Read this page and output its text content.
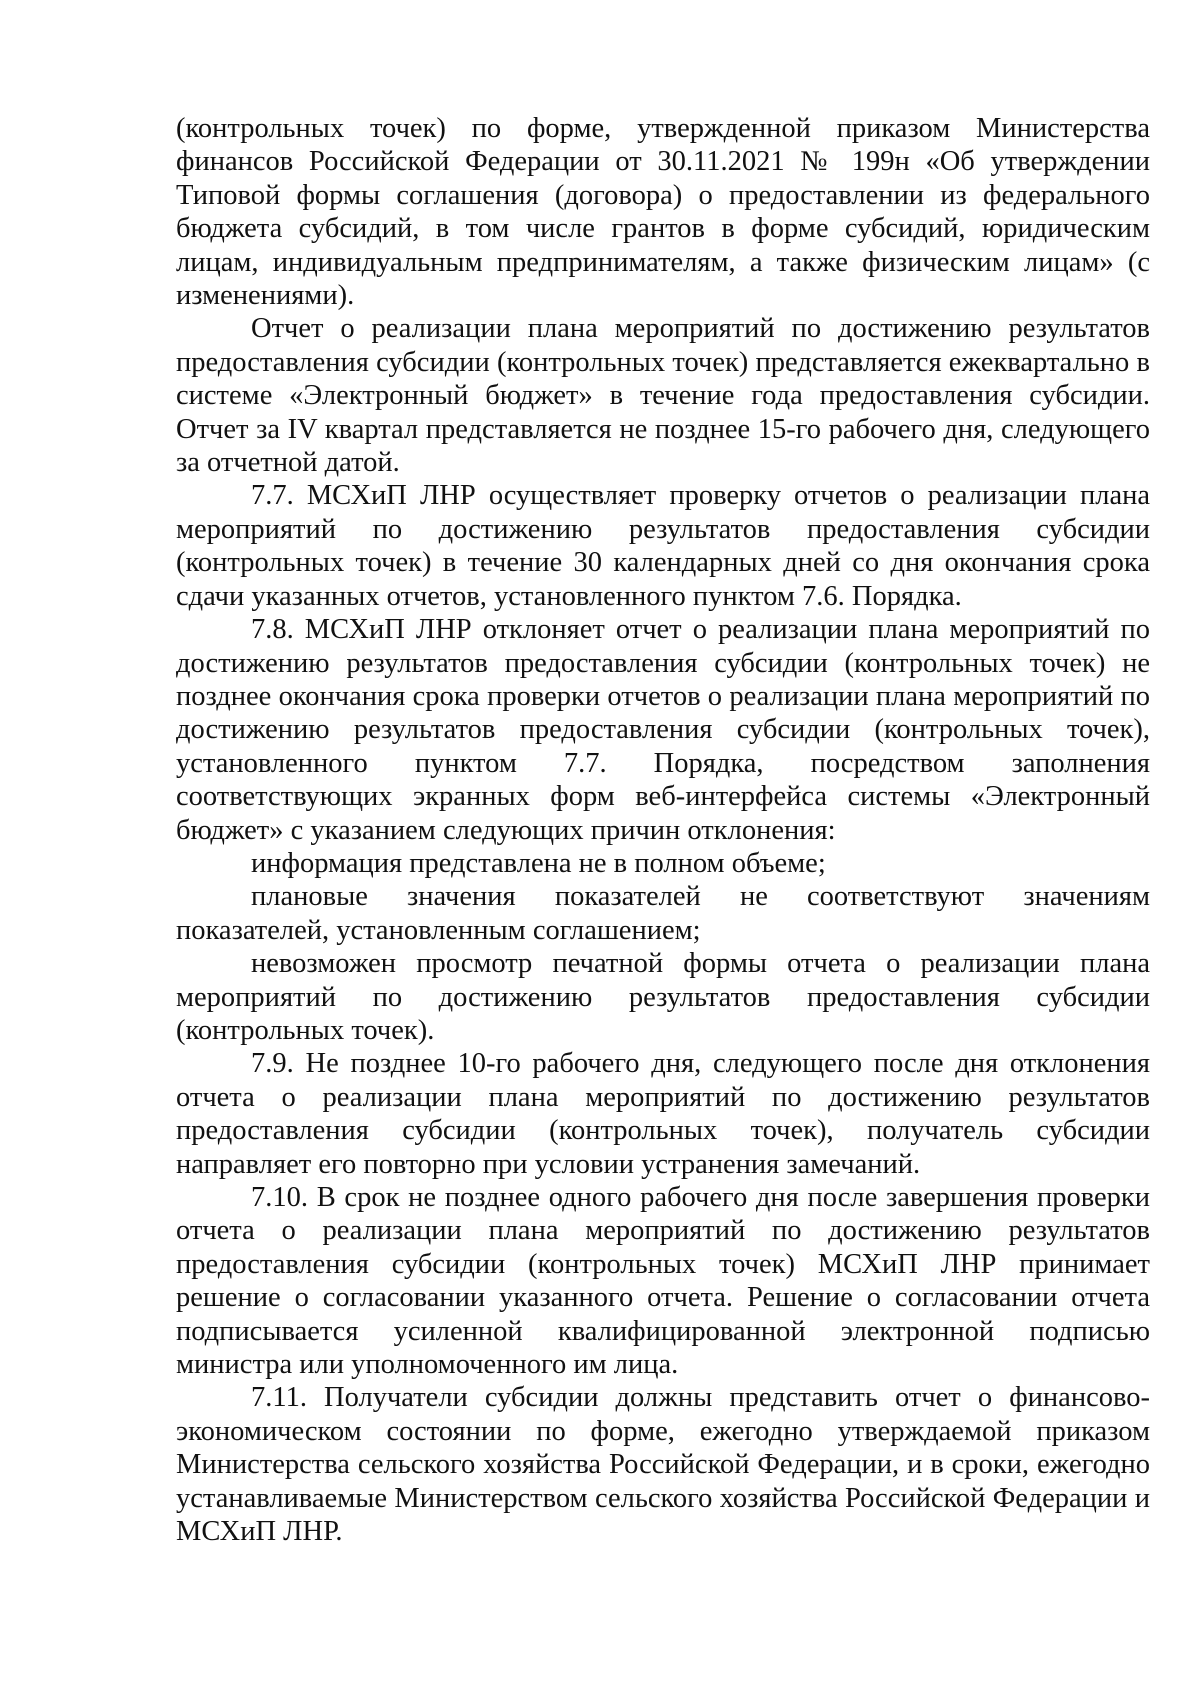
(контрольных точек) по форме, утвержденной приказом Министерства финансов Российской Федерации от 30.11.2021 № 199н «Об утверждении Типовой формы соглашения (договора) о предоставлении из федерального бюджета субсидий, в том числе грантов в форме субсидий, юридическим лицам, индивидуальным предпринимателям, а также физическим лицам» (с изменениями).

Отчет о реализации плана мероприятий по достижению результатов предоставления субсидии (контрольных точек) представляется ежеквартально в системе «Электронный бюджет» в течение года предоставления субсидии. Отчет за IV квартал представляется не позднее 15-го рабочего дня, следующего за отчетной датой.

7.7. МСХиП ЛНР осуществляет проверку отчетов о реализации плана мероприятий по достижению результатов предоставления субсидии (контрольных точек) в течение 30 календарных дней со дня окончания срока сдачи указанных отчетов, установленного пунктом 7.6. Порядка.

7.8. МСХиП ЛНР отклоняет отчет о реализации плана мероприятий по достижению результатов предоставления субсидии (контрольных точек) не позднее окончания срока проверки отчетов о реализации плана мероприятий по достижению результатов предоставления субсидии (контрольных точек), установленного пунктом 7.7. Порядка, посредством заполнения соответствующих экранных форм веб-интерфейса системы «Электронный бюджет» с указанием следующих причин отклонения:

информация представлена не в полном объеме;

плановые значения показателей не соответствуют значениям показателей, установленным соглашением;

невозможен просмотр печатной формы отчета о реализации плана мероприятий по достижению результатов предоставления субсидии (контрольных точек).

7.9. Не позднее 10-го рабочего дня, следующего после дня отклонения отчета о реализации плана мероприятий по достижению результатов предоставления субсидии (контрольных точек), получатель субсидии направляет его повторно при условии устранения замечаний.

7.10. В срок не позднее одного рабочего дня после завершения проверки отчета о реализации плана мероприятий по достижению результатов предоставления субсидии (контрольных точек) МСХиП ЛНР принимает решение о согласовании указанного отчета. Решение о согласовании отчета подписывается усиленной квалифицированной электронной подписью министра или уполномоченного им лица.

7.11. Получатели субсидии должны представить отчет о финансово-экономическом состоянии по форме, ежегодно утверждаемой приказом Министерства сельского хозяйства Российской Федерации, и в сроки, ежегодно устанавливаемые Министерством сельского хозяйства Российской Федерации и МСХиП ЛНР.
